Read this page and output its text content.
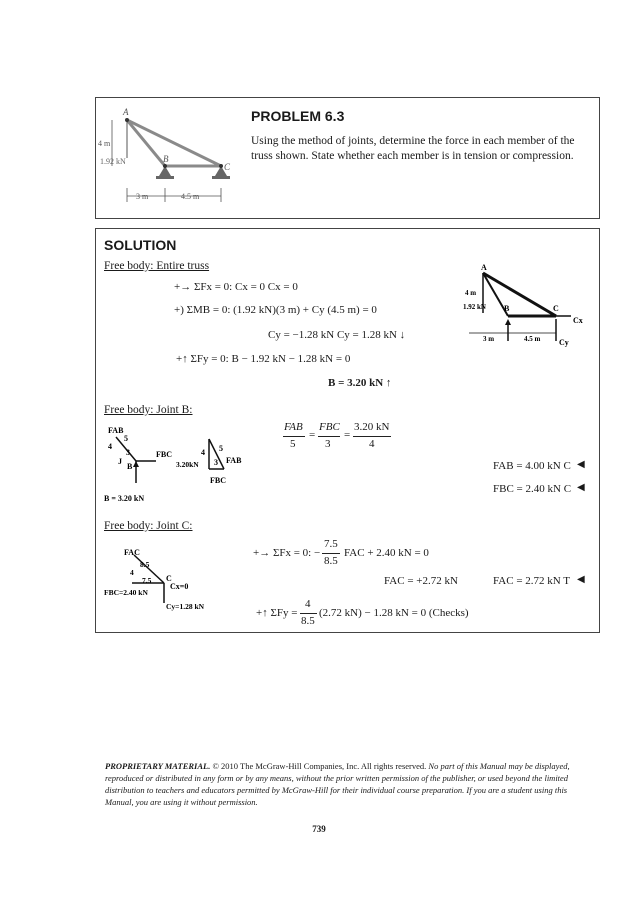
A
B
C
4 m
1.92 kN
3 m	4.5 m
PROBLEM 6.3
Using the method of joints, determine the force in each member of the truss shown. State whether each member is in tension or compression.
SOLUTION
Free body: Entire truss
+→ ΣFx = 0: Cx = 0 Cx = 0
+) ΣMB = 0: (1.92 kN)(3 m) + Cy (4.5 m) = 0
Cy = −1.28 kN Cy = 1.28 kN ↓
+↑ ΣFy = 0: B − 1.92 kN − 1.28 kN = 0
B = 3.20 kN ↑
A
B	C
Cx
Cy
4 m
1.92 kN
3 m	4.5 m
Free body: Joint B:
FAB
5
=
FBC
3
=
3.20 kN
4
FAB = 4.00 kN C ◀
FBC = 2.40 kN C ◀
FAB
4
5
3
J
B
FBC
B = 3.20 kN
3.20kN	FAB
FBC
5
3
4
Free body: Joint C:
+→ ΣFx = 0: −
7.5
8.5
FAC + 2.40 kN = 0
FAC = +2.72 kN	FAC = 2.72 kN T ◀
+↑ ΣFy =
4
8.5
(2.72 kN) − 1.28 kN = 0 (Checks)
FAC
8.5
4
7.5 C
Cx=0
FBC=2.40 kN
Cy=1.28 kN
PROPRIETARY MATERIAL. © 2010 The McGraw-Hill Companies, Inc. All rights reserved. No part of this Manual may be displayed, reproduced or distributed in any form or by any means, without the prior written permission of the publisher, or used beyond the limited distribution to teachers and educators permitted by McGraw-Hill for their individual course preparation. If you are a student using this Manual, you are using it without permission.
739
